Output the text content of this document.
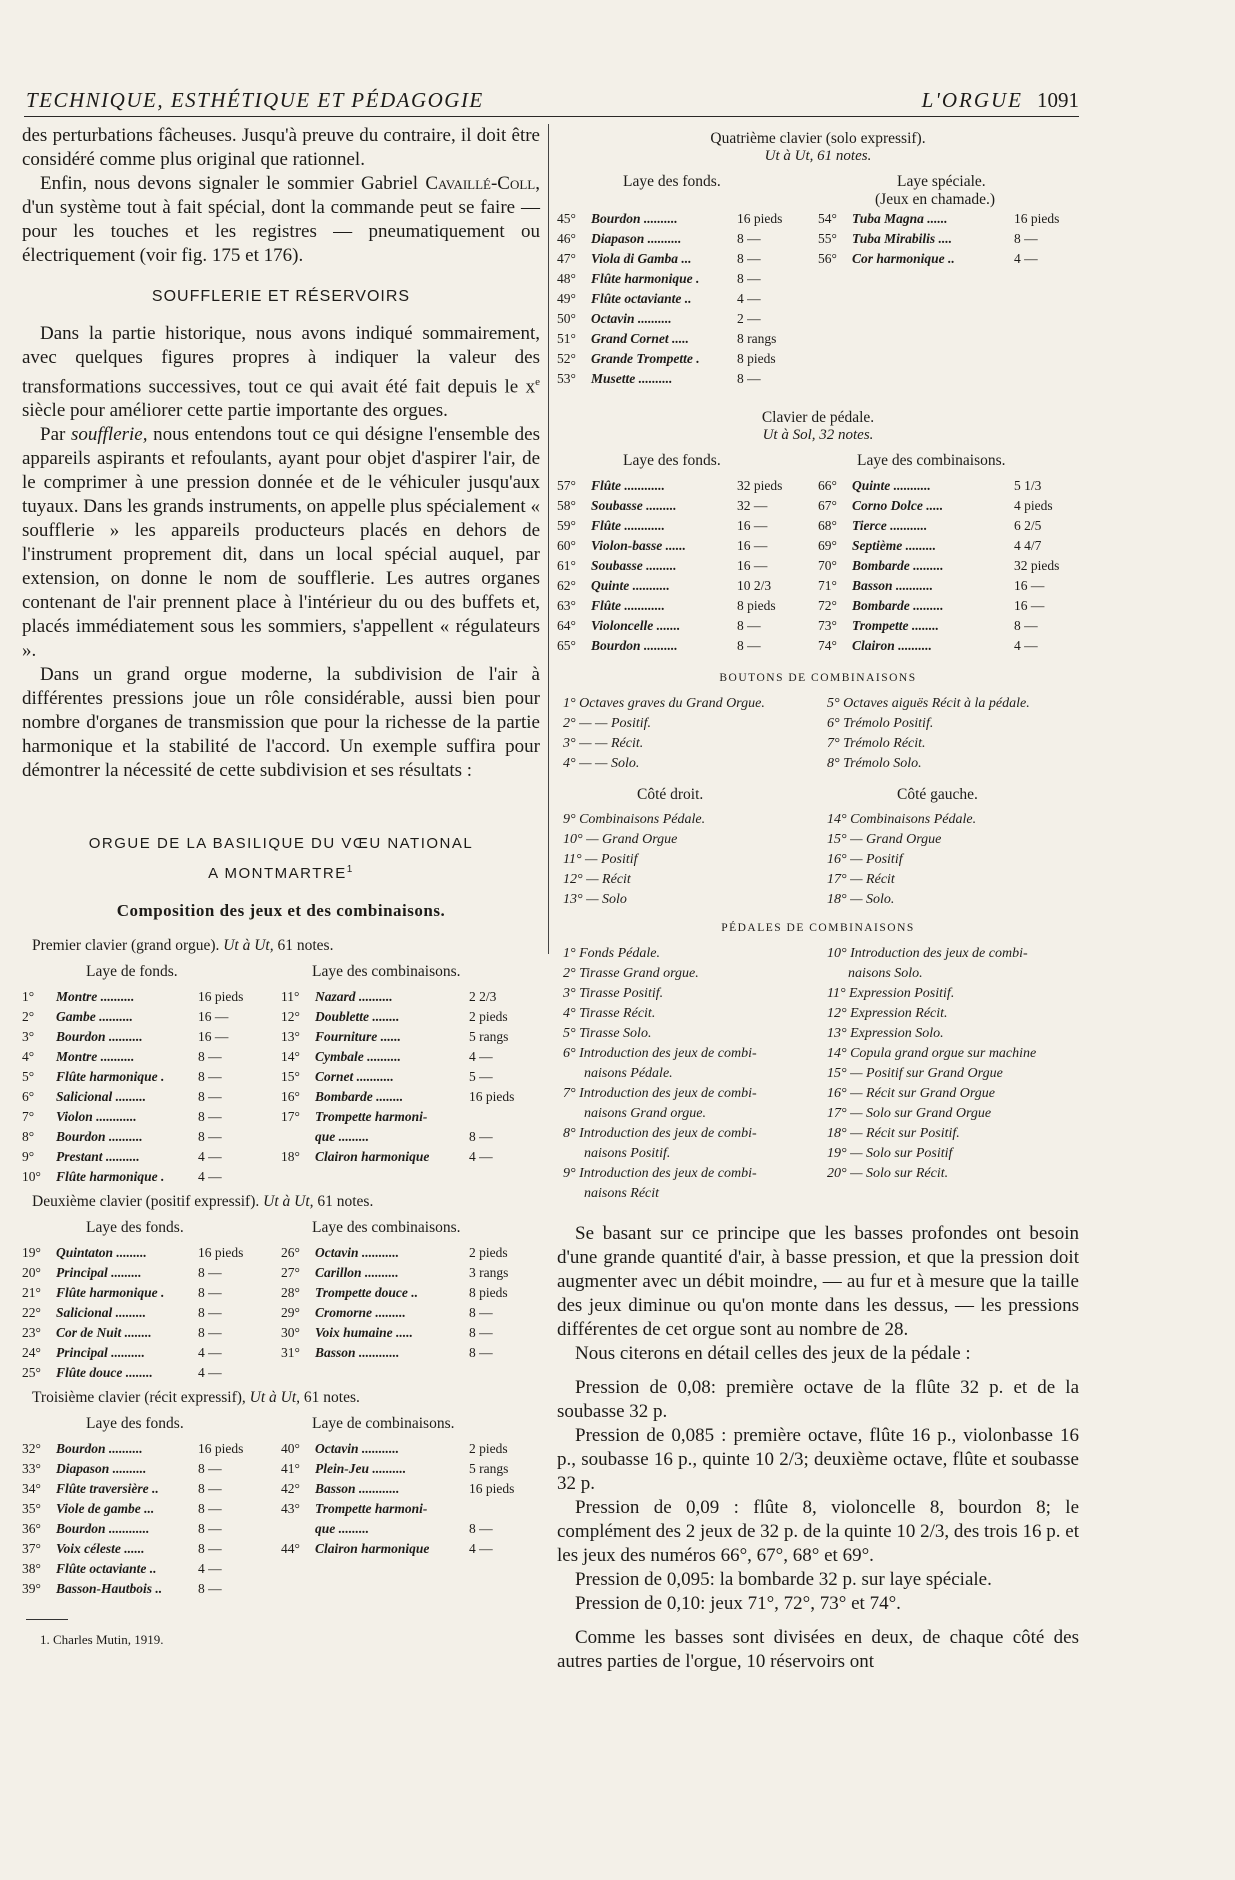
TECHNIQUE, ESTHÉTIQUE ET PÉDAGOGIE	L'ORGUE 1091

des perturbations fâcheuses. Jusqu'à preuve du contraire, il doit être considéré comme plus original que rationnel.

Enfin, nous devons signaler le sommier Gabriel Cavaillé-Coll, d'un système tout à fait spécial, dont la commande peut se faire — pour les touches et les registres — pneumatiquement ou électriquement (voir fig. 175 et 176).

SOUFFLERIE ET RÉSERVOIRS

Dans la partie historique, nous avons indiqué sommairement, avec quelques figures propres à indiquer la valeur des transformations successives, tout ce qui avait été fait depuis le $x^e$ siècle pour améliorer cette partie importante des orgues.

Par soufflerie, nous entendons tout ce qui désigne l'ensemble des appareils aspirants et refoulants, ayant pour objet d'aspirer l'air, de le comprimer à une pression donnée et de le véhiculer jusqu'aux tuyaux. Dans les grands instruments, on appelle plus spécialement « soufflerie » les appareils producteurs placés en dehors de l'instrument proprement dit, dans un local spécial auquel, par extension, on donne le nom de soufflerie. Les autres organes contenant de l'air prennent place à l'intérieur du ou des buffets et, placés immédiatement sous les sommiers, s'appellent « régulateurs ».

Dans un grand orgue moderne, la subdivision de l'air à différentes pressions joue un rôle considérable, aussi bien pour nombre d'organes de transmission que pour la richesse de la partie harmonique et la stabilité de l'accord. Un exemple suffira pour démontrer la nécessité de cette subdivision et ses résultats :

ORGUE DE LA BASILIQUE DU VŒU NATIONAL
A MONTMARTRE$^1$
Composition des jeux et des combinaisons.
Premier clavier (grand orgue). Ut à Ut, 61 notes.
Laye de fonds.	Laye des combinaisons.
1° Montre ..........	16 pieds
2° Gambe ..........	16 —
3° Bourdon ..........	16 —
4° Montre ..........	8 —
5° Flûte harmonique . 8 —
6° Salicional .........	8 —
7° Violon ............	8 —
8° Bourdon ..........	8 —
9° Prestant ..........	4 —
10° Flûte harmonique . 4 —
11° Nazard ..........	2 2/3
12° Doublette ........	2 pieds
13° Fourniture ......	5 rangs
14° Cymbale ..........	4 —
15° Cornet ...........	5 —
16° Bombarde ........	16 pieds
17° Trompette harmoni-
que .........	8 —
18° Clairon harmonique	4 —
Deuxième clavier (positif expressif). Ut à Ut, 61 notes.
Laye des fonds.	Laye des combinaisons.
19° Quintaton .........	16 pieds
20° Principal .........	8 —
21° Flûte harmonique . 8 —
22° Salicional .........	8 —
23° Cor de Nuit ........	8 —
24° Principal ..........	4 —
25° Flûte douce ........	4 —
26° Octavin ...........	2 pieds
27° Carillon ..........	3 rangs
28° Trompette douce ..	8 pieds
29° Cromorne .........	8 —
30° Voix humaine .....	8 —
31° Basson ............	8 —
Troisième clavier (récit expressif), Ut à Ut, 61 notes.
Laye des fonds.	Laye de combinaisons.
32° Bourdon ..........	16 pieds
33° Diapason ..........	8 —
34° Flûte traversière ..	8 —
35° Viole de gambe ...	8 —
36° Bourdon ............	8 —
37° Voix céleste ......	8 —
38° Flûte octaviante ..	4 —
39° Basson-Hautbois ..	8 —
40° Octavin ...........	2 pieds
41° Plein-Jeu ..........	5 rangs
42° Basson ............	16 pieds
43° Trompette harmoni-
que .........	8 —
44° Clairon harmonique	4 —
1. Charles Mutin, 1919.
Quatrième clavier (solo expressif).
Ut à Ut, 61 notes.
Laye des fonds.	Laye spéciale.
(Jeux en chamade.)
45° Bourdon ..........	16 pieds
46° Diapason ..........	8 —
47° Viola di Gamba ...	8 —
48° Flûte harmonique .	8 —
49° Flûte octaviante ..	4 —
50° Octavin ..........	2 —
51° Grand Cornet .....	8 rangs
52° Grande Trompette .	8 pieds
53° Musette ..........	8 —
54° Tuba Magna ......	16 pieds
55° Tuba Mirabilis ....	8 —
56° Cor harmonique ..	4 —
Clavier de pédale.
Ut à Sol, 32 notes.
Laye des fonds.	Laye des combinaisons.
57° Flûte ............	32 pieds
58° Soubasse .........	32 —
59° Flûte ............	16 —
60° Violon-basse ......	16 —
61° Soubasse .........	16 —
62° Quinte ...........	10 2/3
63° Flûte ............	8 pieds
64° Violoncelle .......	8 —
65° Bourdon ..........	8 —
66° Quinte ...........	5 1/3
67° Corno Dolce .....	4 pieds
68° Tierce ...........	6 2/5
69° Septième .........	4 4/7
70° Bombarde .........	32 pieds
71° Basson ...........	16 —
72° Bombarde .........	16 —
73° Trompette ........	8 —
74° Clairon ..........	4 —
BOUTONS DE COMBINAISONS
1° Octaves graves du Grand Orgue.	5° Octaves aiguës Récit à la pédale.
2° — — Positif.	6° Trémolo Positif.
3° — — Récit.	7° Trémolo Récit.
4° — — Solo.	8° Trémolo Solo.
Côté droit.	Côté gauche.
9° Combinaisons Pédale.	14° Combinaisons Pédale.
10° — Grand Orgue	15° — Grand Orgue
11° — Positif	16° — Positif
12° — Récit	17° — Récit
13° — Solo	18° — Solo.
PÉDALES DE COMBINAISONS
1° Fonds Pédale.	10° Introduction des jeux de combi-
2° Tirasse Grand orgue.	naisons Solo.
3° Tirasse Positif.	11° Expression Positif.
4° Tirasse Récit.	12° Expression Récit.
5° Tirasse Solo.	13° Expression Solo.
6° Introduction des jeux de combi-	14° Copula grand orgue sur machine
naisons Pédale.	15° — Positif sur Grand Orgue
7° Introduction des jeux de combi-	16° — Récit sur Grand Orgue
naisons Grand orgue.	17° — Solo sur Grand Orgue
8° Introduction des jeux de combi-	18° — Récit sur Positif.
naisons Positif.	19° — Solo sur Positif
9° Introduction des jeux de combi-	20° — Solo sur Récit.
naisons Récit

Se basant sur ce principe que les basses profondes ont besoin d'une grande quantité d'air, à basse pression, et que la pression doit augmenter avec un débit moindre, — au fur et à mesure que la taille des jeux diminue ou qu'on monte dans les dessus, — les pressions différentes de cet orgue sont au nombre de 28.

Nous citerons en détail celles des jeux de la pédale :

Pression de 0,08: première octave de la flûte 32 p. et de la soubasse 32 p.

Pression de 0,085 : première octave, flûte 16 p., violonbasse 16 p., soubasse 16 p., quinte 10 2/3; deuxième octave, flûte et soubasse 32 p.

Pression de 0,09 : flûte 8, violoncelle 8, bourdon 8; le complément des 2 jeux de 32 p. de la quinte 10 2/3, des trois 16 p. et les jeux des numéros 66°, 67°, 68° et 69°.

Pression de 0,095: la bombarde 32 p. sur laye spéciale.

Pression de 0,10: jeux 71°, 72°, 73° et 74°.

Comme les basses sont divisées en deux, de chaque côté des autres parties de l'orgue, 10 réservoirs ont
